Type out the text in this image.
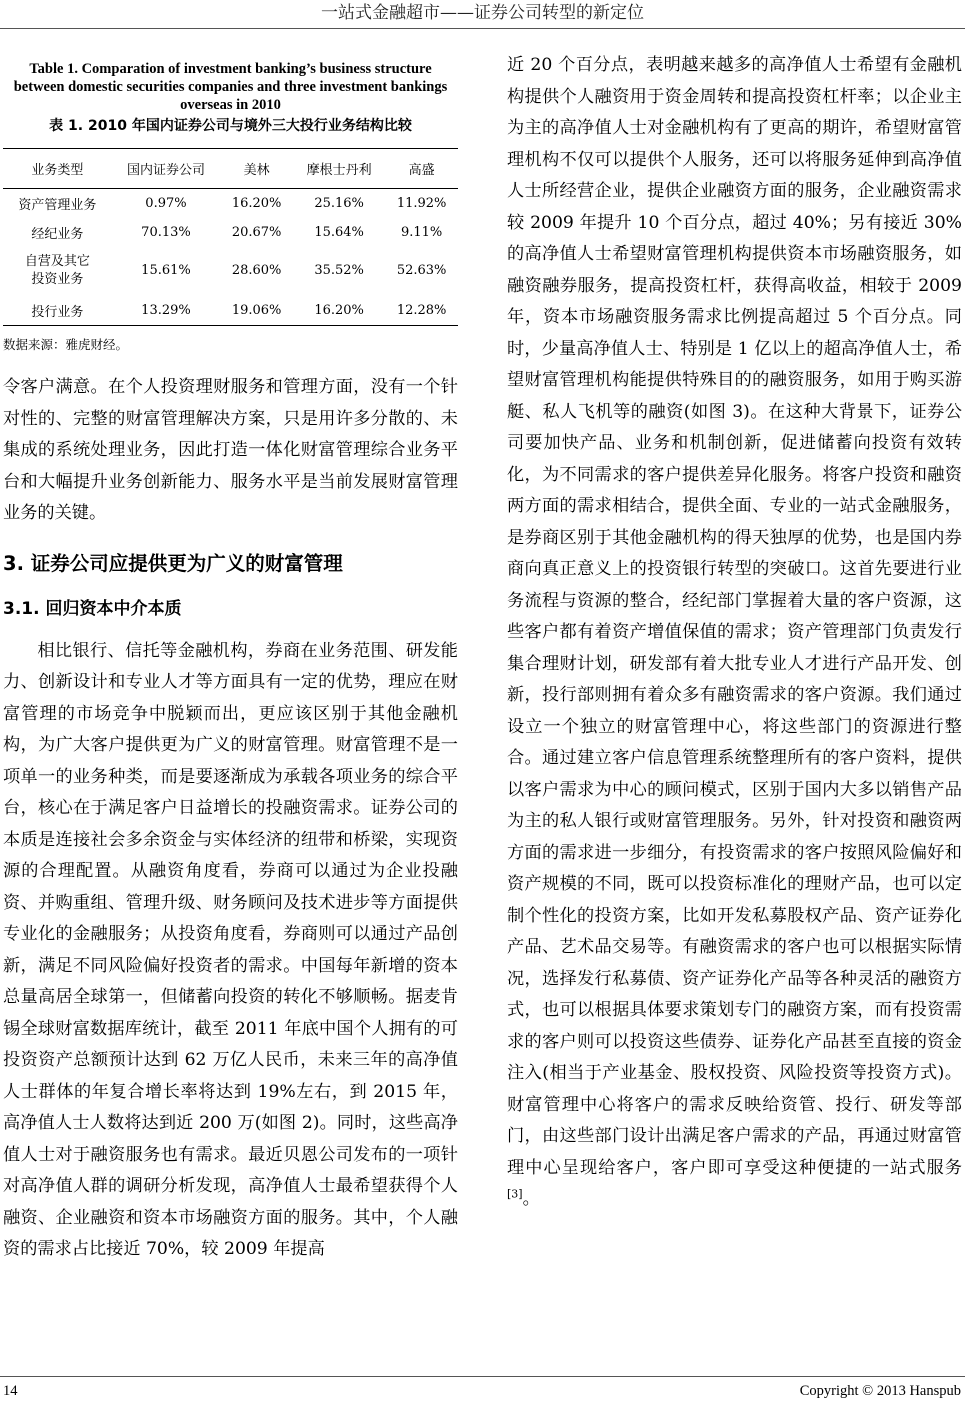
一站式金融超市——证券公司转型的新定位

Table 1. Comparation of investment banking’s business structure between domestic securities companies and three investment bankings overseas in 2010

表 1. 2010 年国内证券公司与境外三大投行业务结构比较

业务类型	国内证券公司	美林	摩根士丹利	高盛
资产管理业务	0.97%	16.20%	25.16%	11.92%
经纪业务	70.13%	20.67%	15.64%	9.11%
自营及其它
投资业务	15.61%	28.60%	35.52%	52.63%
投行业务	13.29%	19.06%	16.20%	12.28%

数据来源：雅虎财经。

令客户满意。在个人投资理财服务和管理方面，没有一个针对性的、完整的财富管理解决方案，只是用许多分散的、未集成的系统处理业务，因此打造一体化财富管理综合业务平台和大幅提升业务创新能力、服务水平是当前发展财富管理业务的关键。

3. 证券公司应提供更为广义的财富管理
3.1. 回归资本中介本质

相比银行、信托等金融机构，券商在业务范围、研发能力、创新设计和专业人才等方面具有一定的优势，理应在财富管理的市场竞争中脱颖而出，更应该区别于其他金融机构，为广大客户提供更为广义的财富管理。财富管理不是一项单一的业务种类，而是要逐渐成为承载各项业务的综合平台，核心在于满足客户日益增长的投融资需求。证券公司的本质是连接社会多余资金与实体经济的纽带和桥梁，实现资源的合理配置。从融资角度看，券商可以通过为企业投融资、并购重组、管理升级、财务顾问及技术进步等方面提供专业化的金融服务；从投资角度看，券商则可以通过产品创新，满足不同风险偏好投资者的需求。中国每年新增的资本总量高居全球第一，但储蓄向投资的转化不够顺畅。据麦肯锡全球财富数据库统计，截至 2011 年底中国个人拥有的可投资资产总额预计达到 62 万亿人民币，未来三年的高净值人士群体的年复合增长率将达到 19%左右，到 2015 年，高净值人士人数将达到近 200 万(如图 2)。同时，这些高净值人士对于融资服务也有需求。最近贝恩公司发布的一项针对高净值人群的调研分析发现，高净值人士最希望获得个人融资、企业融资和资本市场融资方面的服务。其中，个人融资的需求占比接近 70%，较 2009 年提高

近 20 个百分点，表明越来越多的高净值人士希望有金融机构提供个人融资用于资金周转和提高投资杠杆率；以企业主为主的高净值人士对金融机构有了更高的期许，希望财富管理机构不仅可以提供个人服务，还可以将服务延伸到高净值人士所经营企业，提供企业融资方面的服务，企业融资需求较 2009 年提升 10 个百分点，超过 40%；另有接近 30%的高净值人士希望财富管理机构提供资本市场融资服务，如融资融券服务，提高投资杠杆，获得高收益，相较于 2009 年，资本市场融资服务需求比例提高超过 5 个百分点。同时，少量高净值人士、特别是 1 亿以上的超高净值人士，希望财富管理机构能提供特殊目的的融资服务，如用于购买游艇、私人飞机等的融资(如图 3)。在这种大背景下，证券公司要加快产品、业务和机制创新，促进储蓄向投资有效转化，为不同需求的客户提供差异化服务。将客户投资和融资两方面的需求相结合，提供全面、专业的一站式金融服务，是券商区别于其他金融机构的得天独厚的优势，也是国内券商向真正意义上的投资银行转型的突破口。这首先要进行业务流程与资源的整合，经纪部门掌握着大量的客户资源，这些客户都有着资产增值保值的需求；资产管理部门负责发行集合理财计划，研发部有着大批专业人才进行产品开发、创新，投行部则拥有着众多有融资需求的客户资源。我们通过设立一个独立的财富管理中心，将这些部门的资源进行整合。通过建立客户信息管理系统整理所有的客户资料，提供以客户需求为中心的顾问模式，区别于国内大多以销售产品为主的私人银行或财富管理服务。另外，针对投资和融资两方面的需求进一步细分，有投资需求的客户按照风险偏好和资产规模的不同，既可以投资标准化的理财产品，也可以定制个性化的投资方案，比如开发私募股权产品、资产证券化产品、艺术品交易等。有融资需求的客户也可以根据实际情况，选择发行私募债、资产证券化产品等各种灵活的融资方式，也可以根据具体要求策划专门的融资方案，而有投资需求的客户则可以投资这些债券、证券化产品甚至直接的资金注入(相当于产业基金、股权投资、风险投资等投资方式)。财富管理中心将客户的需求反映给资管、投行、研发等部门，由这些部门设计出满足客户需求的产品，再通过财富管理中心呈现给客户，客户即可享受这种便捷的一站式服务[3]。

14	Copyright © 2013 Hanspub
